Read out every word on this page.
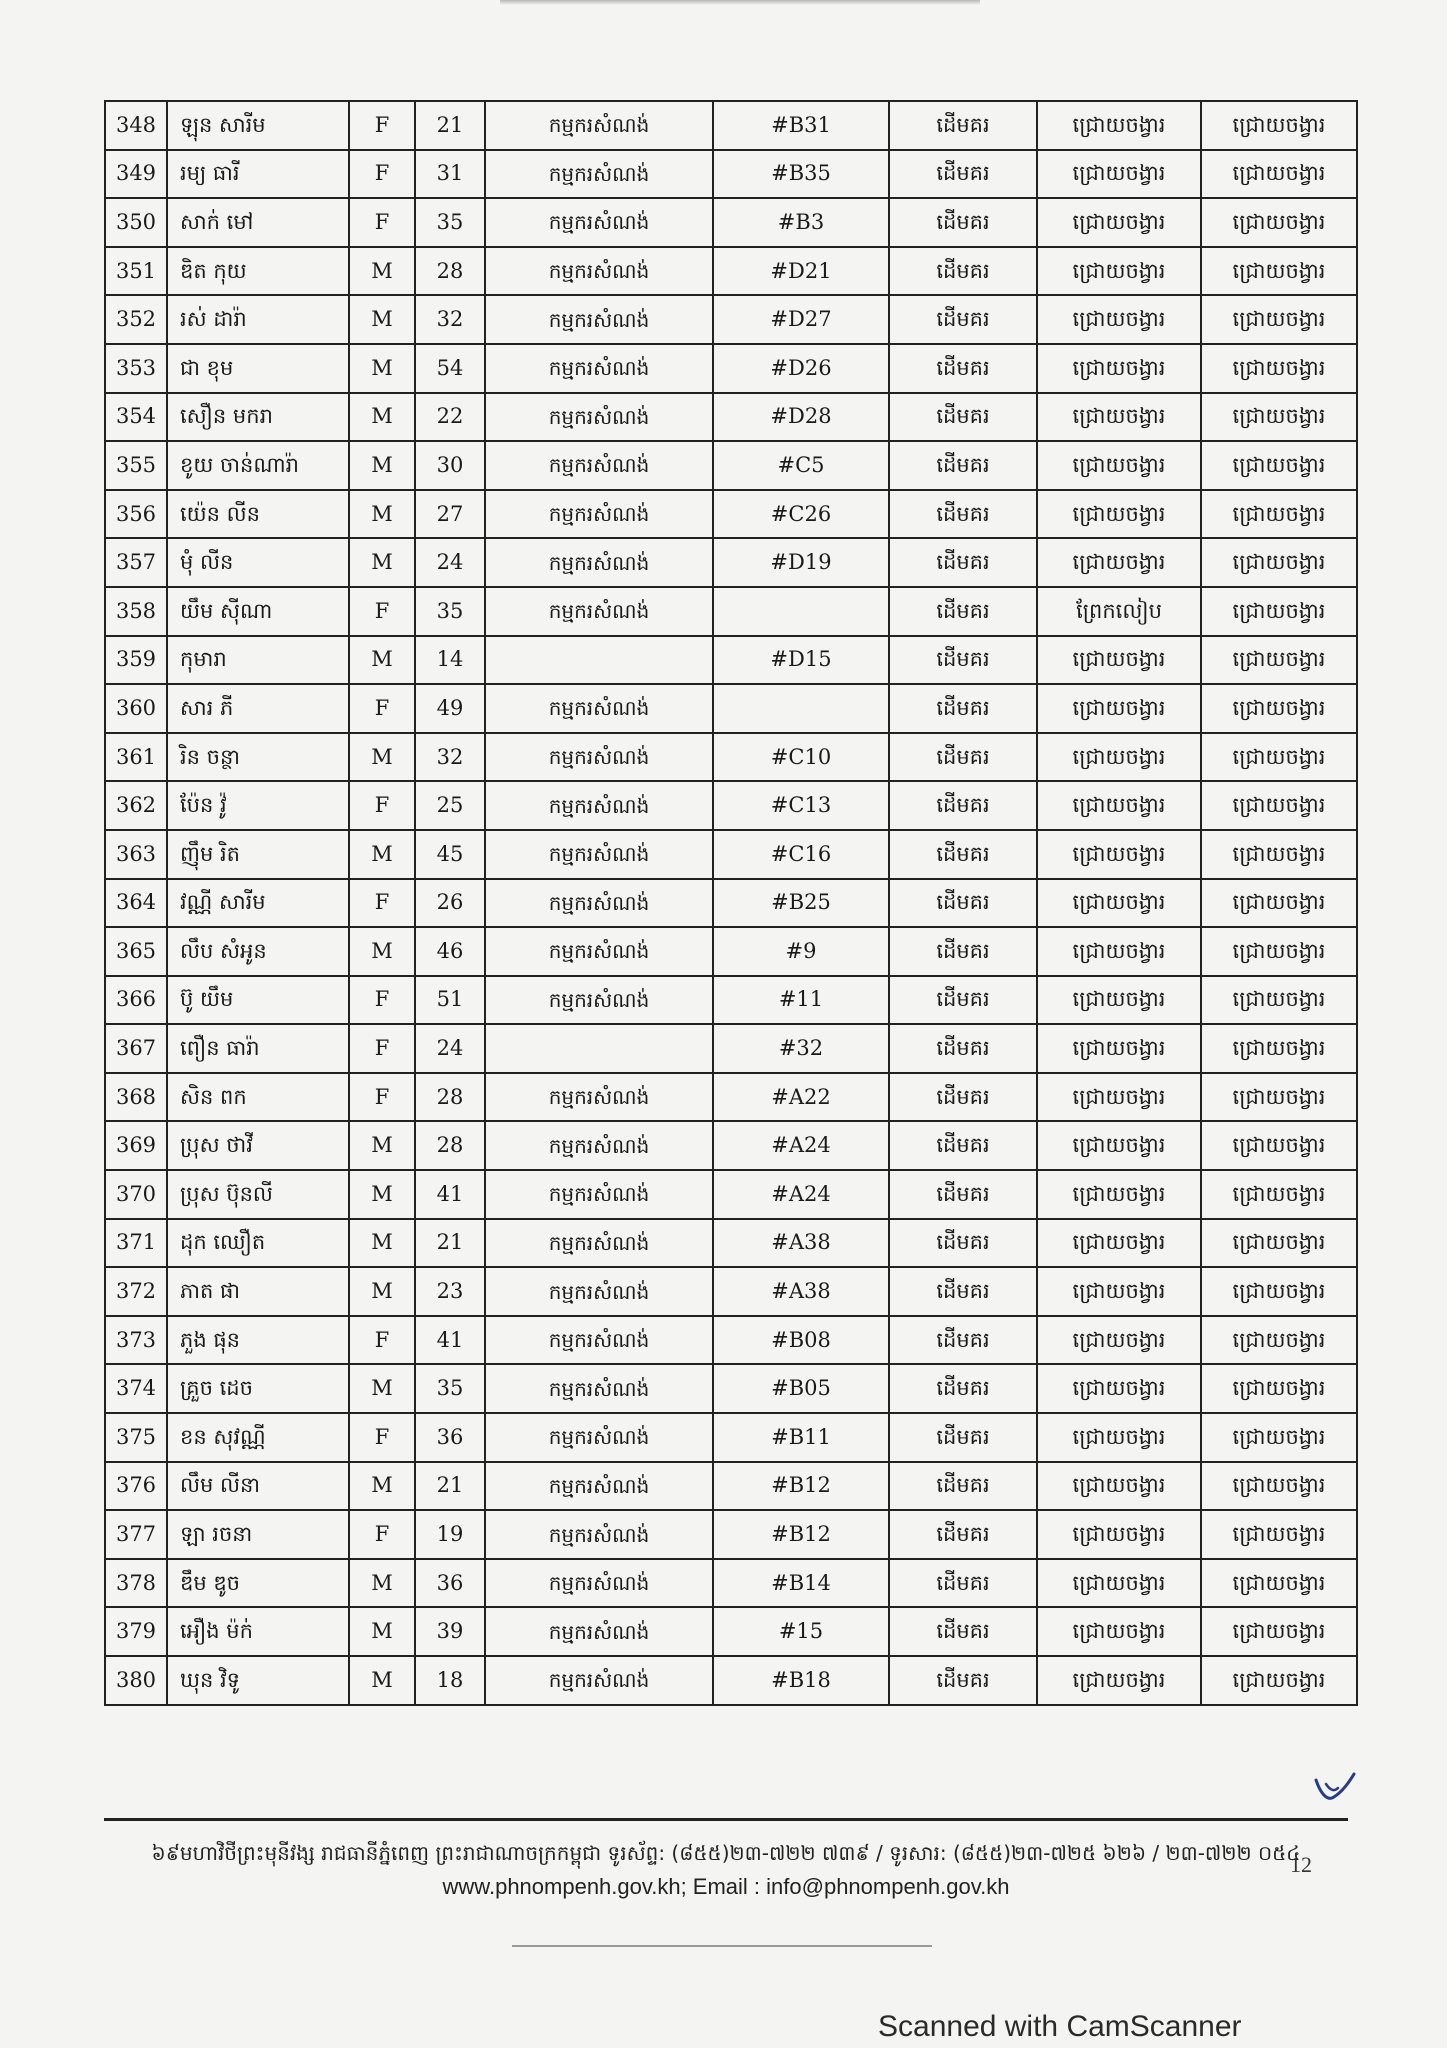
348	ឡុន សារីម	F	21	កម្មករសំណង់	#B31	ដើមគរ	ជ្រោយចង្វារ	ជ្រោយចង្វារ
349	រម្យ ធារី	F	31	កម្មករសំណង់	#B35	ដើមគរ	ជ្រោយចង្វារ	ជ្រោយចង្វារ
350	សាក់ មៅ	F	35	កម្មករសំណង់	#B3	ដើមគរ	ជ្រោយចង្វារ	ជ្រោយចង្វារ
351	ឌិត កុយ	M	28	កម្មករសំណង់	#D21	ដើមគរ	ជ្រោយចង្វារ	ជ្រោយចង្វារ
352	រស់ ដារ៉ា	M	32	កម្មករសំណង់	#D27	ដើមគរ	ជ្រោយចង្វារ	ជ្រោយចង្វារ
353	ជា ខុម	M	54	កម្មករសំណង់	#D26	ដើមគរ	ជ្រោយចង្វារ	ជ្រោយចង្វារ
354	សឿន មករា	M	22	កម្មករសំណង់	#D28	ដើមគរ	ជ្រោយចង្វារ	ជ្រោយចង្វារ
355	ខូយ ចាន់ណារ៉ា	M	30	កម្មករសំណង់	#C5	ដើមគរ	ជ្រោយចង្វារ	ជ្រោយចង្វារ
356	យ៉េន លីន	M	27	កម្មករសំណង់	#C26	ដើមគរ	ជ្រោយចង្វារ	ជ្រោយចង្វារ
357	មុំ លីន	M	24	កម្មករសំណង់	#D19	ដើមគរ	ជ្រោយចង្វារ	ជ្រោយចង្វារ
358	យឹម ស៊ីណា	F	35	កម្មករសំណង់		ដើមគរ	ព្រែកលៀប	ជ្រោយចង្វារ
359	កុមារា	M	14		#D15	ដើមគរ	ជ្រោយចង្វារ	ជ្រោយចង្វារ
360	សារ ភី	F	49	កម្មករសំណង់		ដើមគរ	ជ្រោយចង្វារ	ជ្រោយចង្វារ
361	រិន ចន្ថា	M	32	កម្មករសំណង់	#C10	ដើមគរ	ជ្រោយចង្វារ	ជ្រោយចង្វារ
362	ប៉ែន វ៉ូ	F	25	កម្មករសំណង់	#C13	ដើមគរ	ជ្រោយចង្វារ	ជ្រោយចង្វារ
363	ញ៉ឹម រិត	M	45	កម្មករសំណង់	#C16	ដើមគរ	ជ្រោយចង្វារ	ជ្រោយចង្វារ
364	វណ្ណី សារីម	F	26	កម្មករសំណង់	#B25	ដើមគរ	ជ្រោយចង្វារ	ជ្រោយចង្វារ
365	លឹប សំអូន	M	46	កម្មករសំណង់	#9	ដើមគរ	ជ្រោយចង្វារ	ជ្រោយចង្វារ
366	ប៊ូ យឹម	F	51	កម្មករសំណង់	#11	ដើមគរ	ជ្រោយចង្វារ	ជ្រោយចង្វារ
367	ពឿន ធារ៉ា	F	24		#32	ដើមគរ	ជ្រោយចង្វារ	ជ្រោយចង្វារ
368	សិន ពក	F	28	កម្មករសំណង់	#A22	ដើមគរ	ជ្រោយចង្វារ	ជ្រោយចង្វារ
369	ប្រុស ថាវី	M	28	កម្មករសំណង់	#A24	ដើមគរ	ជ្រោយចង្វារ	ជ្រោយចង្វារ
370	ប្រុស ប៊ុនលី	M	41	កម្មករសំណង់	#A24	ដើមគរ	ជ្រោយចង្វារ	ជ្រោយចង្វារ
371	ដុក ឈឿត	M	21	កម្មករសំណង់	#A38	ដើមគរ	ជ្រោយចង្វារ	ជ្រោយចង្វារ
372	ភាត ផា	M	23	កម្មករសំណង់	#A38	ដើមគរ	ជ្រោយចង្វារ	ជ្រោយចង្វារ
373	ភួង ផុន	F	41	កម្មករសំណង់	#B08	ដើមគរ	ជ្រោយចង្វារ	ជ្រោយចង្វារ
374	គ្រួច ដេច	M	35	កម្មករសំណង់	#B05	ដើមគរ	ជ្រោយចង្វារ	ជ្រោយចង្វារ
375	ខន សុវណ្ណី	F	36	កម្មករសំណង់	#B11	ដើមគរ	ជ្រោយចង្វារ	ជ្រោយចង្វារ
376	លឹម លីនា	M	21	កម្មករសំណង់	#B12	ដើមគរ	ជ្រោយចង្វារ	ជ្រោយចង្វារ
377	ឡា រចនា	F	19	កម្មករសំណង់	#B12	ដើមគរ	ជ្រោយចង្វារ	ជ្រោយចង្វារ
378	ឌឹម ឌូច	M	36	កម្មករសំណង់	#B14	ដើមគរ	ជ្រោយចង្វារ	ជ្រោយចង្វារ
379	អឿង ម៉ក់	M	39	កម្មករសំណង់	#15	ដើមគរ	ជ្រោយចង្វារ	ជ្រោយចង្វារ
380	ឃុន វិទូ	M	18	កម្មករសំណង់	#B18	ដើមគរ	ជ្រោយចង្វារ	ជ្រោយចង្វារ
៦៩មហាវិថីព្រះមុនីវង្ស រាជធានីភ្នំពេញ ព្រះរាជាណាចក្រកម្ពុជា ទូរស័ព្ទ: (៨៥៥)២៣-៧២២ ៧៣៩ / ទូរសារ: (៨៥៥)២៣-៧២៥ ៦២៦ / ២៣-៧២២ ០៥៤
12
www.phnompenh.gov.kh; Email : info@phnompenh.gov.kh
Scanned with CamScanner
